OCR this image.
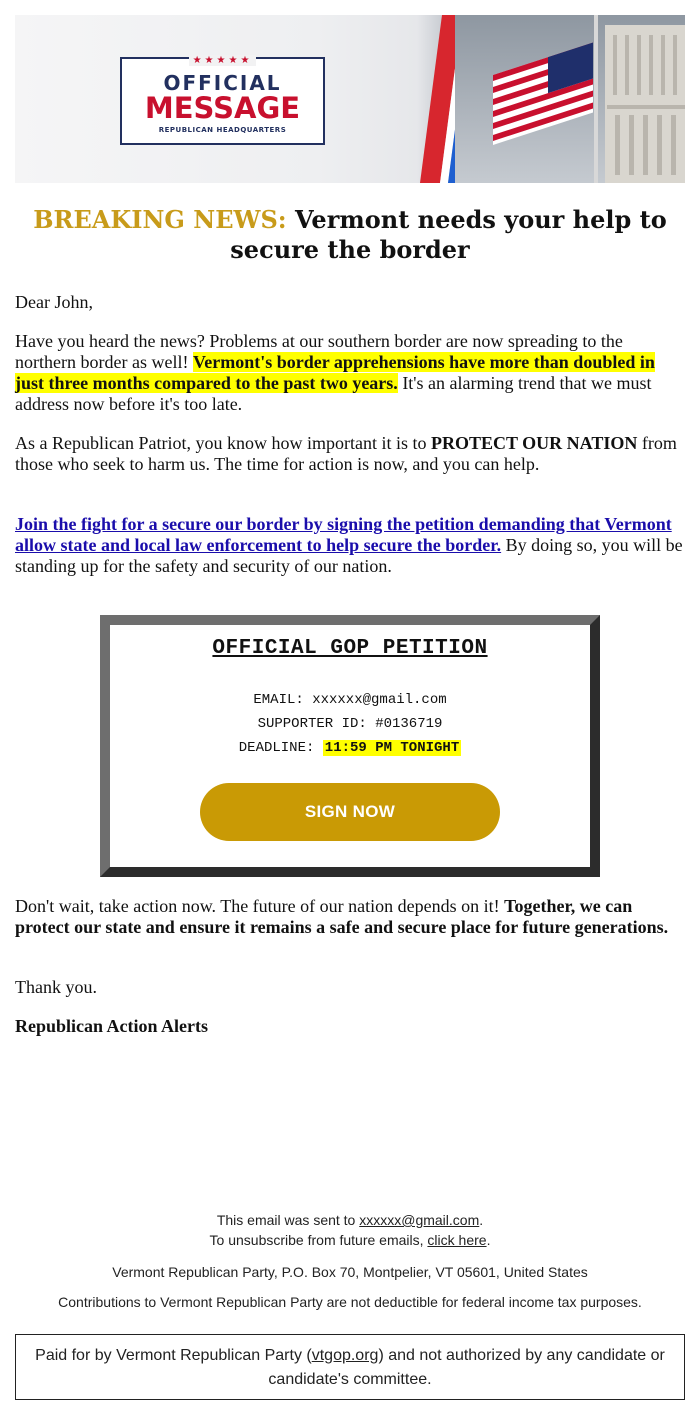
★★★★★
OFFICIAL
MESSAGE
REPUBLICAN HEADQUARTERS
BREAKING NEWS: Vermont needs your help to secure the border
Dear John,
Have you heard the news? Problems at our southern border are now spreading to the northern border as well! Vermont's border apprehensions have more than doubled in just three months compared to the past two years. It's an alarming trend that we must address now before it's too late.
As a Republican Patriot, you know how important it is to PROTECT OUR NATION from those who seek to harm us. The time for action is now, and you can help.
Join the fight for a secure our border by signing the petition demanding that Vermont allow state and local law enforcement to help secure the border. By doing so, you will be standing up for the safety and security of our nation.
OFFICIAL GOP PETITION
EMAIL: xxxxxx@gmail.com
SUPPORTER ID: #0136719
DEADLINE: 11:59 PM TONIGHT
SIGN NOW
Don't wait, take action now. The future of our nation depends on it! Together, we can protect our state and ensure it remains a safe and secure place for future generations.
Thank you.
Republican Action Alerts
This email was sent to xxxxxx@gmail.com.
To unsubscribe from future emails, click here.
Vermont Republican Party, P.O. Box 70, Montpelier, VT 05601, United States
Contributions to Vermont Republican Party are not deductible for federal income tax purposes.
Paid for by Vermont Republican Party (vtgop.org) and not authorized by any candidate or candidate's committee.
